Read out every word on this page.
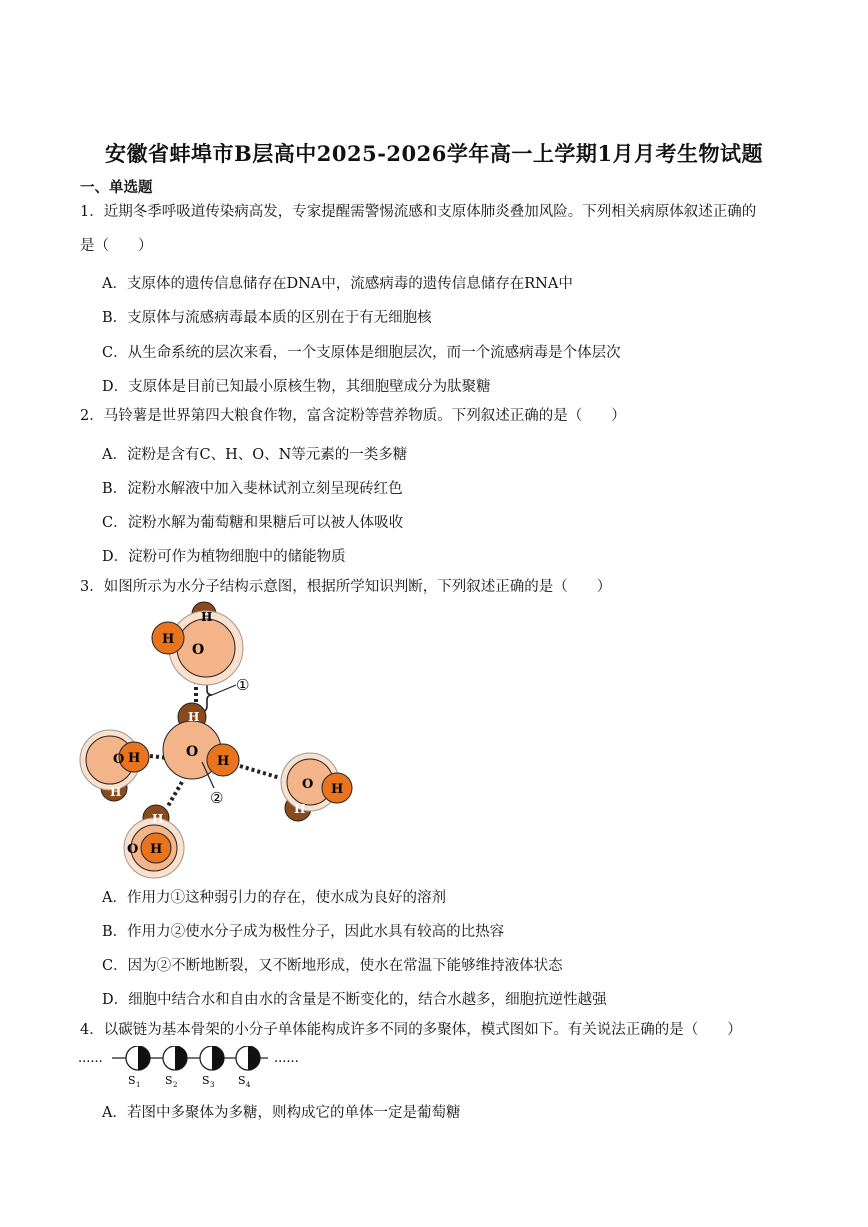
安徽省蚌埠市B层高中2025-2026学年高一上学期1月月考生物试题
一、单选题
1．近期冬季呼吸道传染病高发，专家提醒需警惕流感和支原体肺炎叠加风险。下列相关病原体叙述正确的
是（　　）
A．支原体的遗传信息储存在DNA中，流感病毒的遗传信息储存在RNA中
B．支原体与流感病毒最本质的区别在于有无细胞核
C．从生命系统的层次来看，一个支原体是细胞层次，而一个流感病毒是个体层次
D．支原体是目前已知最小原核生物，其细胞壁成分为肽聚糖
2．马铃薯是世界第四大粮食作物，富含淀粉等营养物质。下列叙述正确的是（　　）
A．淀粉是含有C、H、O、N等元素的一类多糖
B．淀粉水解液中加入斐林试剂立刻呈现砖红色
C．淀粉水解为葡萄糖和果糖后可以被人体吸收
D．淀粉可作为植物细胞中的储能物质
3．如图所示为水分子结构示意图，根据所学知识判断，下列叙述正确的是（　　）
①
H
H
O
H
O
H
②
H
O H
H
O H
H
O H
A．作用力①这种弱引力的存在，使水成为良好的溶剂
B．作用力②使水分子成为极性分子，因此水具有较高的比热容
C．因为②不断地断裂，又不断地形成，使水在常温下能够维持液体状态
D．细胞中结合水和自由水的含量是不断变化的，结合水越多，细胞抗逆性越强
4．以碳链为基本骨架的小分子单体能构成许多不同的多聚体，模式图如下。有关说法正确的是（　　）
......	......
S 1 S 2 S 3 S 4
A．若图中多聚体为多糖，则构成它的单体一定是葡萄糖
